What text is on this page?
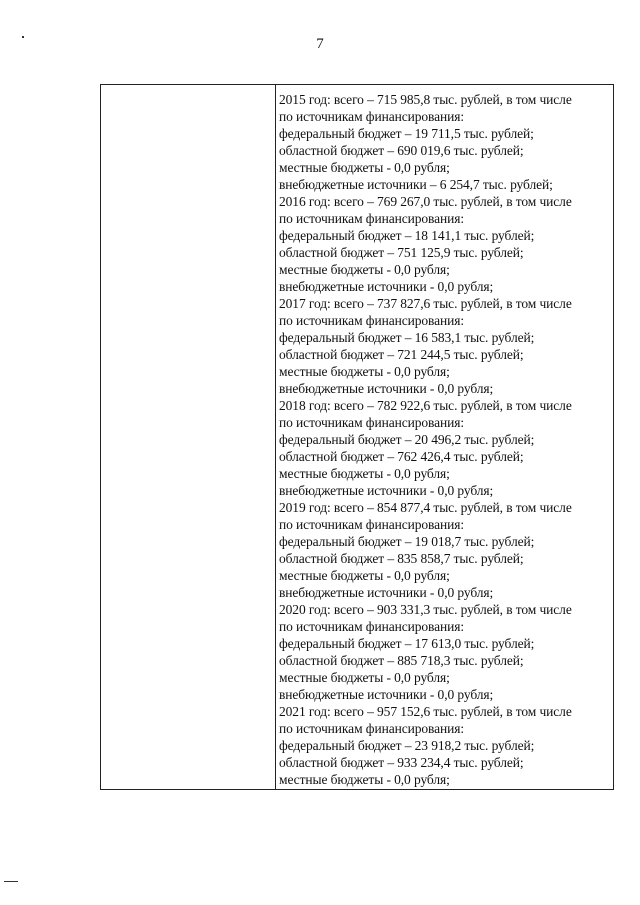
7
2015 год: всего – 715 985,8 тыс. рублей, в том числе
по источникам финансирования:
федеральный бюджет – 19 711,5 тыс. рублей;
областной бюджет – 690 019,6 тыс. рублей;
местные бюджеты - 0,0 рубля;
внебюджетные источники – 6 254,7 тыс. рублей;
2016 год: всего – 769 267,0 тыс. рублей, в том числе
по источникам финансирования:
федеральный бюджет – 18 141,1 тыс. рублей;
областной бюджет – 751 125,9 тыс. рублей;
местные бюджеты - 0,0 рубля;
внебюджетные источники - 0,0 рубля;
2017 год: всего – 737 827,6 тыс. рублей, в том числе
по источникам финансирования:
федеральный бюджет – 16 583,1 тыс. рублей;
областной бюджет – 721 244,5 тыс. рублей;
местные бюджеты - 0,0 рубля;
внебюджетные источники - 0,0 рубля;
2018 год: всего – 782 922,6 тыс. рублей, в том числе
по источникам финансирования:
федеральный бюджет – 20 496,2 тыс. рублей;
областной бюджет – 762 426,4 тыс. рублей;
местные бюджеты - 0,0 рубля;
внебюджетные источники - 0,0 рубля;
2019 год: всего – 854 877,4 тыс. рублей, в том числе
по источникам финансирования:
федеральный бюджет – 19 018,7 тыс. рублей;
областной бюджет – 835 858,7 тыс. рублей;
местные бюджеты - 0,0 рубля;
внебюджетные источники - 0,0 рубля;
2020 год: всего – 903 331,3 тыс. рублей, в том числе
по источникам финансирования:
федеральный бюджет – 17 613,0 тыс. рублей;
областной бюджет – 885 718,3 тыс. рублей;
местные бюджеты - 0,0 рубля;
внебюджетные источники - 0,0 рубля;
2021 год: всего – 957 152,6 тыс. рублей, в том числе
по источникам финансирования:
федеральный бюджет – 23 918,2 тыс. рублей;
областной бюджет – 933 234,4 тыс. рублей;
местные бюджеты - 0,0 рубля;
